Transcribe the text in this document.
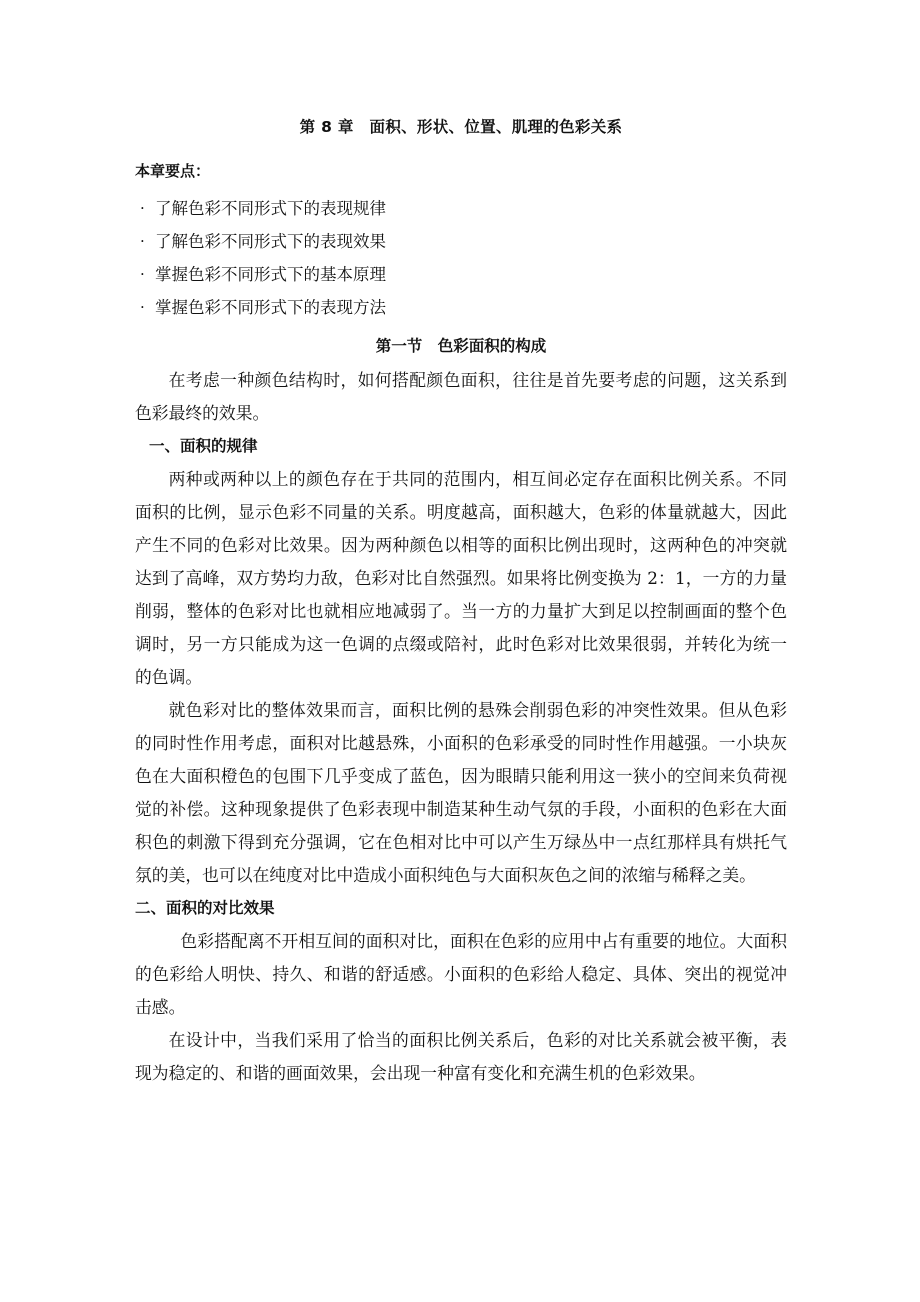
第 8 章　面积、形状、位置、肌理的色彩关系
本章要点：
· 了解色彩不同形式下的表现规律
· 了解色彩不同形式下的表现效果
· 掌握色彩不同形式下的基本原理
· 掌握色彩不同形式下的表现方法
第一节　色彩面积的构成

在考虑一种颜色结构时，如何搭配颜色面积，往往是首先要考虑的问题，这关系到色彩最终的效果。

一、面积的规律

两种或两种以上的颜色存在于共同的范围内，相互间必定存在面积比例关系。不同面积的比例，显示色彩不同量的关系。明度越高，面积越大，色彩的体量就越大，因此产生不同的色彩对比效果。因为两种颜色以相等的面积比例出现时，这两种色的冲突就达到了高峰，双方势均力敌，色彩对比自然强烈。如果将比例变换为 2：1，一方的力量削弱，整体的色彩对比也就相应地减弱了。当一方的力量扩大到足以控制画面的整个色调时，另一方只能成为这一色调的点缀或陪衬，此时色彩对比效果很弱，并转化为统一的色调。

就色彩对比的整体效果而言，面积比例的悬殊会削弱色彩的冲突性效果。但从色彩的同时性作用考虑，面积对比越悬殊，小面积的色彩承受的同时性作用越强。一小块灰色在大面积橙色的包围下几乎变成了蓝色，因为眼睛只能利用这一狭小的空间来负荷视觉的补偿。这种现象提供了色彩表现中制造某种生动气氛的手段，小面积的色彩在大面积色的刺激下得到充分强调，它在色相对比中可以产生万绿丛中一点红那样具有烘托气氛的美，也可以在纯度对比中造成小面积纯色与大面积灰色之间的浓缩与稀释之美。

二、面积的对比效果

色彩搭配离不开相互间的面积对比，面积在色彩的应用中占有重要的地位。大面积的色彩给人明快、持久、和谐的舒适感。小面积的色彩给人稳定、具体、突出的视觉冲击感。

在设计中，当我们采用了恰当的面积比例关系后，色彩的对比关系就会被平衡，表现为稳定的、和谐的画面效果，会出现一种富有变化和充满生机的色彩效果。
